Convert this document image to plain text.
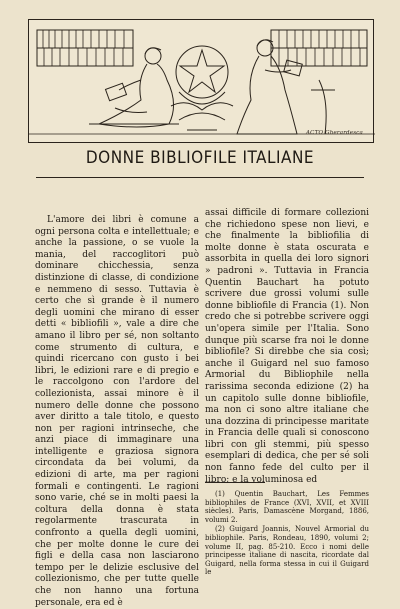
ACTO Gherardesca
DONNE BIBLIOFILE ITALIANE
L'amore dei libri è comune a ogni persona colta e intellettuale; e anche la passione, o se vuole la mania, del raccoglitori può dominare chicchessia, senza distinzione di classe, di condizione e nemmeno di sesso. Tuttavia è certo che sì grande è il numero degli uomini che mirano di esser detti « bibliofili », vale a dire che amano il libro per sé, non soltanto come strumento di cultura, e quindi ricercano con gusto i bei libri, le edizioni rare e di pregio e le raccolgono con l'ardore del collezionista, assai minore è il numero delle donne che possono aver diritto a tale titolo, e questo non per ragioni intrinseche, che anzi piace di immaginare una intelligente e graziosa signora circondata da bei volumi, da edizioni di arte, ma per ragioni formali e contingenti. Le ragioni sono varie, ché se in molti paesi la coltura della donna è stata regolarmente trascurata in confronto a quella degli uomini, che per molte donne le cure dei figli e della casa non lasciarono tempo per le delizie esclusive del collezionismo, che per tutte quelle che non hanno una fortuna personale, era ed è
assai difficile di formare collezioni che richiedono spese non lievi, e che finalmente la bibliofilia di molte donne è stata oscurata e assorbita in quella dei loro signori » padroni ». Tuttavia in Francia Quentin Bauchart ha potuto scrivere due grossi volumi sulle donne bibliofile di Francia (1). Non credo che si potrebbe scrivere oggi un'opera simile per l'Italia. Sono dunque più scarse fra noi le donne bibliofile? Si direbbe che sia così; anche il Guigard nel suo famoso Armorial du Bibliophile nella rarissima seconda edizione (2) ha un capitolo sulle donne bibliofile, ma non ci sono altre italiane che una dozzina di principesse maritate in Francia delle quali si conoscono libri con gli stemmi, più spesso esemplari di dedica, che per sé soli non fanno fede del culto per il libro; e la voluminosa ed

(1) Quentin Bauchart, Les Femmes bibliophiles de France (XVI, XVII, et XVIII siècles). Paris, Damascène Morgand, 1886, volumi 2.

(2) Guigard Joannis, Nouvel Armorial du bibliophile. Paris, Rondeau, 1890, volumi 2; volume II, pag. 85-210. Ecco i nomi delle principesse italiane di nascita, ricordate dal Guigard, nella forma stessa in cui il Guigard le
